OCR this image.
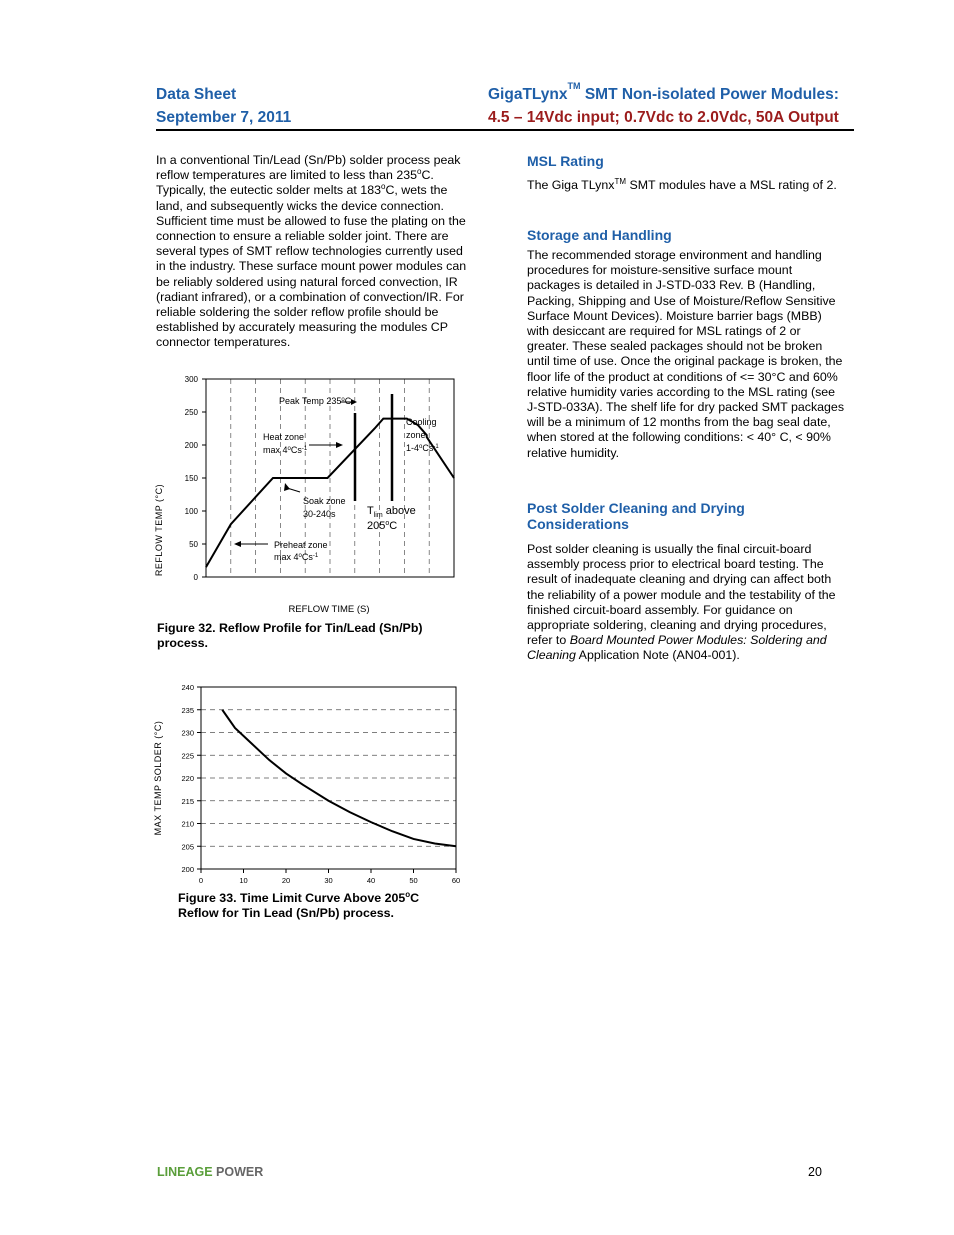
Data Sheet
September 7, 2011
GigaTLynx™ SMT Non-isolated Power Modules:
4.5 – 14Vdc input; 0.7Vdc to 2.0Vdc, 50A Output
In a conventional Tin/Lead (Sn/Pb) solder process peak reflow temperatures are limited to less than 235$^o$C. Typically, the eutectic solder melts at 183$^o$C, wets the land, and subsequently wicks the device connection. Sufficient time must be allowed to fuse the plating on the connection to ensure a reliable solder joint. There are several types of SMT reflow technologies currently used in the industry. These surface mount power modules can be reliably soldered using natural forced convection, IR (radiant infrared), or a combination of convection/IR. For reliable soldering the solder reflow profile should be established by accurately measuring the modules CP connector temperatures.
0
50
100
150
200
250
300
REFLOW TEMP (°C)
REFLOW TIME (S)
Peak Temp 235$^o$C
Heat zone
$\max 4^oCs^{-1}$
Cooling
zone
$1-4^oCs^{-1}$
Soak zone
30-240s	$T_{lim}$ above
205$^o$C
Preheat zone
$\max 4^oCs^{-1}$
Figure 32. Reflow Profile for Tin/Lead (Sn/Pb) process.
200
205
210
215
220
225
230
235
240
0	10	20	30	40	50	60
MAX TEMP SOLDER (°C)
Figure 33. Time Limit Curve Above 205$^o$C
Reflow for Tin Lead (Sn/Pb) process.
MSL Rating
The Giga TLynx™ SMT modules have a MSL rating of 2.
Storage and Handling
The recommended storage environment and handling procedures for moisture-sensitive surface mount packages is detailed in J-STD-033 Rev. B (Handling, Packing, Shipping and Use of Moisture/Reflow Sensitive Surface Mount Devices). Moisture barrier bags (MBB) with desiccant are required for MSL ratings of 2 or greater. These sealed packages should not be broken until time of use. Once the original package is broken, the floor life of the product at conditions of <= 30°C and 60% relative humidity varies according to the MSL rating (see J-STD-033A). The shelf life for dry packed SMT packages will be a minimum of 12 months from the bag seal date, when stored at the following conditions: < 40° C, < 90% relative humidity.
Post Solder Cleaning and Drying
Considerations
Post solder cleaning is usually the final circuit-board assembly process prior to electrical board testing. The result of inadequate cleaning and drying can affect both the reliability of a power module and the testability of the finished circuit-board assembly. For guidance on appropriate soldering, cleaning and drying procedures, refer to Board Mounted Power Modules: Soldering and Cleaning Application Note (AN04-001).
LINEAGE POWER	20
